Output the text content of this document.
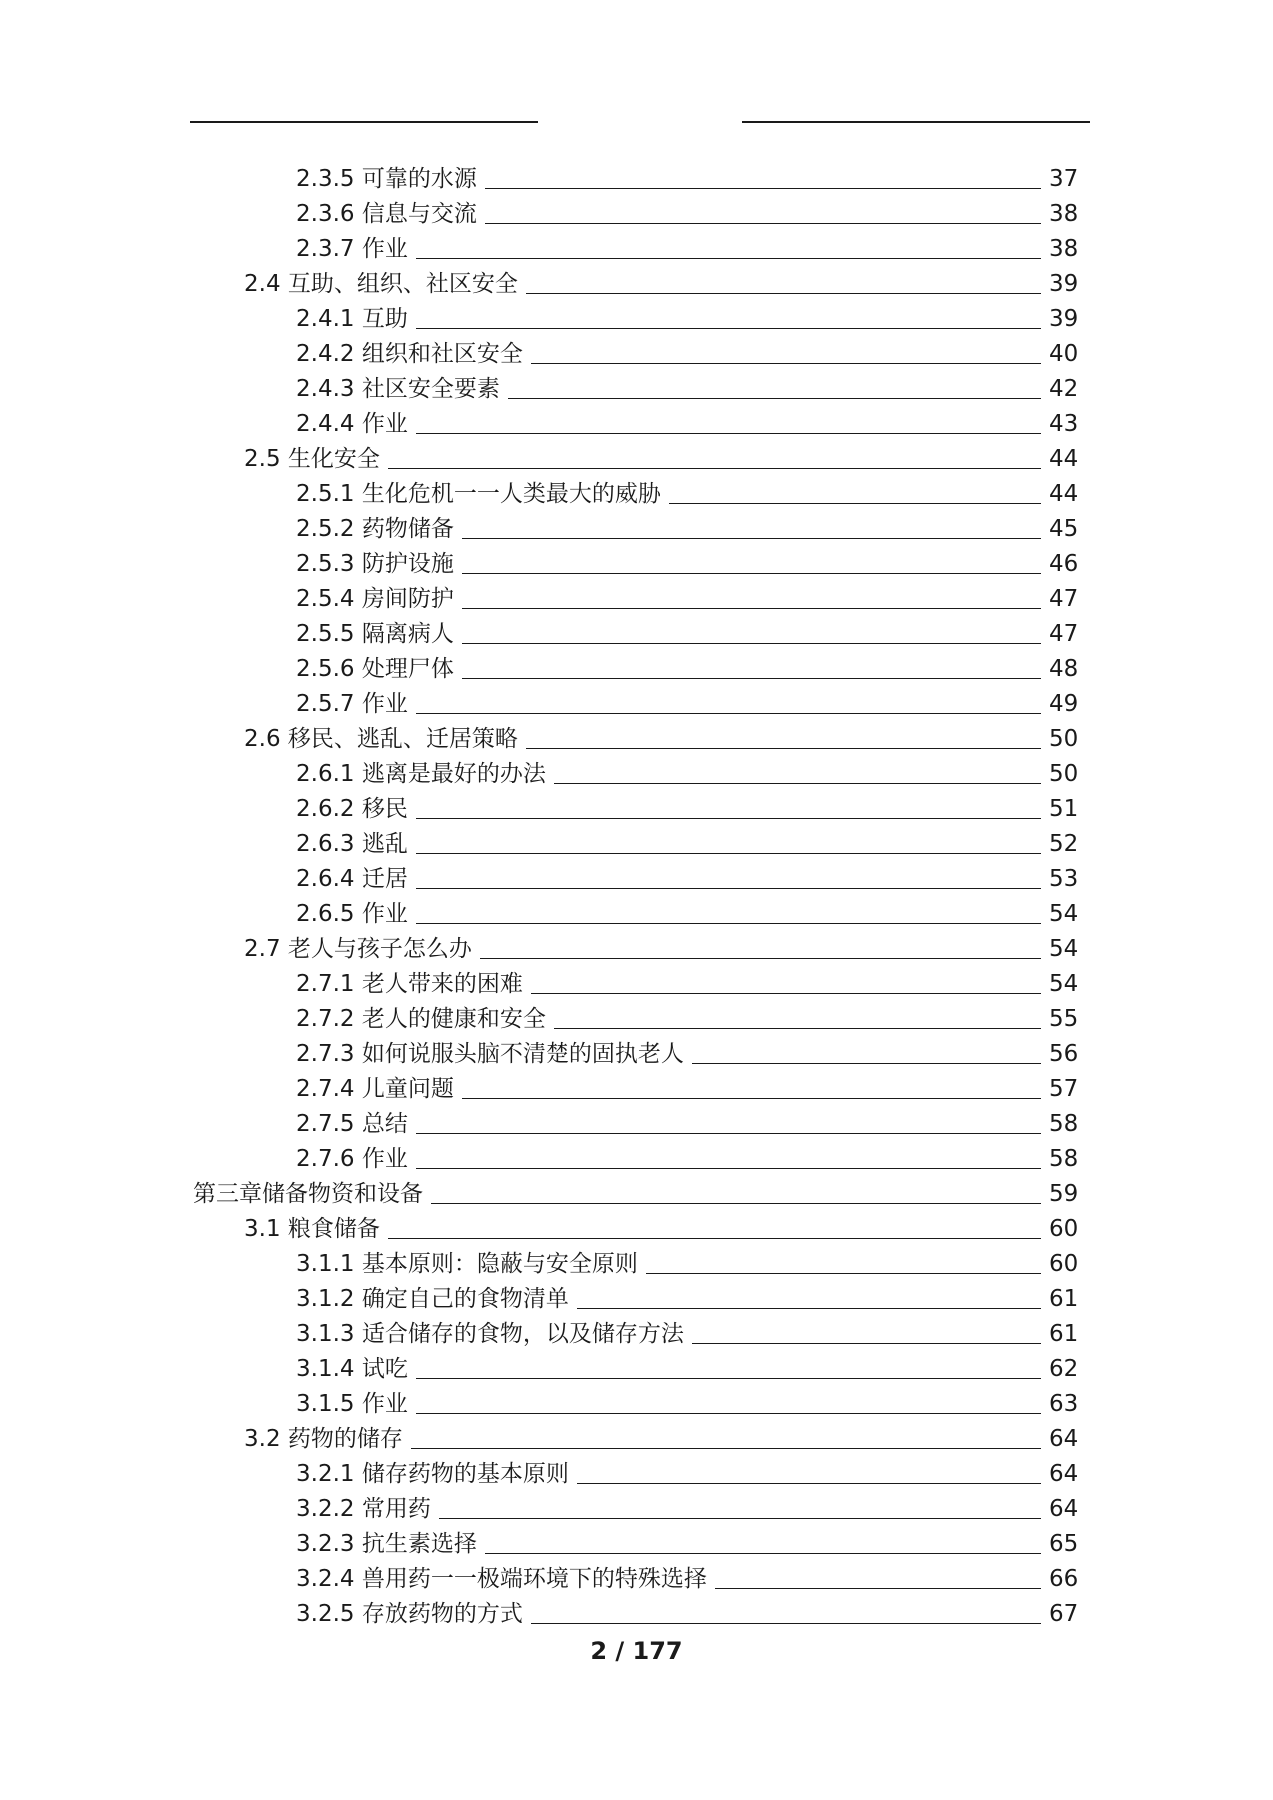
2.3.5 可靠的水源	37
2.3.6 信息与交流	38
2.3.7 作业	38
2.4 互助、组织、社区安全	39
2.4.1 互助	39
2.4.2 组织和社区安全	40
2.4.3 社区安全要素	42
2.4.4 作业	43
2.5 生化安全	44
2.5.1 生化危机一一人类最大的威胁	44
2.5.2 药物储备	45
2.5.3 防护设施	46
2.5.4 房间防护	47
2.5.5 隔离病人	47
2.5.6 处理尸体	48
2.5.7 作业	49
2.6 移民、逃乱、迁居策略	50
2.6.1 逃离是最好的办法	50
2.6.2 移民	51
2.6.3 逃乱	52
2.6.4 迁居	53
2.6.5 作业	54
2.7 老人与孩子怎么办	54
2.7.1 老人带来的困难	54
2.7.2 老人的健康和安全	55
2.7.3 如何说服头脑不清楚的固执老人	56
2.7.4 儿童问题	57
2.7.5 总结	58
2.7.6 作业	58
第三章储备物资和设备	59
3.1 粮食储备	60
3.1.1 基本原则：隐蔽与安全原则	60
3.1.2 确定自己的食物清单	61
3.1.3 适合储存的食物，以及储存方法	61
3.1.4 试吃	62
3.1.5 作业	63
3.2 药物的储存	64
3.2.1 储存药物的基本原则	64
3.2.2 常用药	64
3.2.3 抗生素选择	65
3.2.4 兽用药一一极端环境下的特殊选择	66
3.2.5 存放药物的方式	67
2 / 177
